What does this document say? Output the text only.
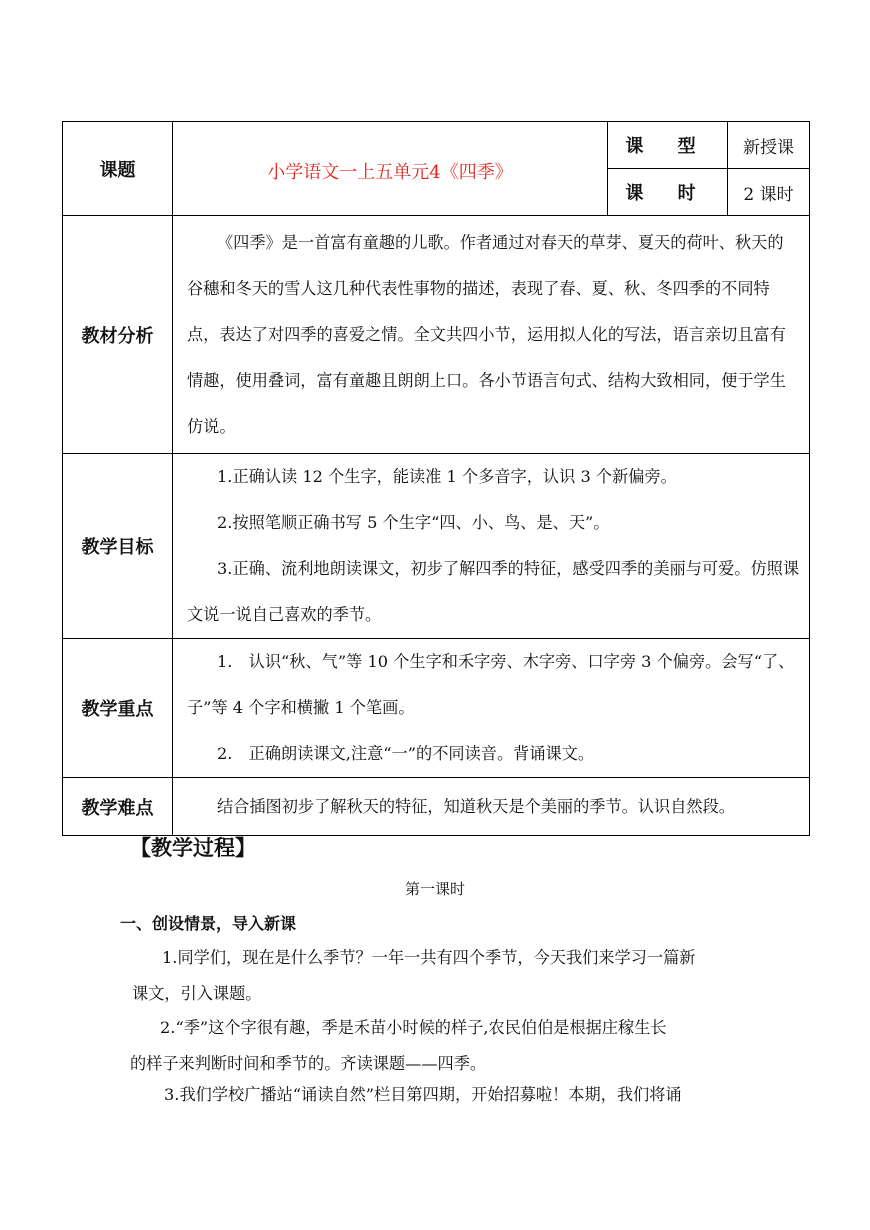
课题	小学语文一上五单元4《四季》	课 型	新授课
		课 时	2 课时
教材分析	《四季》是一首富有童趣的儿歌。作者通过对春天的草芽、夏天的荷叶、秋天的谷穗和冬天的雪人这几种代表性事物的描述，表现了春、夏、秋、冬四季的不同特点，表达了对四季的喜爱之情。全文共四小节，运用拟人化的写法，语言亲切且富有情趣，使用叠词，富有童趣且朗朗上口。各小节语言句式、结构大致相同，便于学生仿说。		

教学目标	1.正确认读 12 个生字，能读准 1 个多音字，认识 3 个新偏旁。

2.按照笔顺正确书写 5 个生字“四、小、鸟、是、天”。

3.正确、流利地朗读课文，初步了解四季的特征，感受四季的美丽与可爱。仿照课文说一说自己喜欢的季节。		

教学重点	1.　认识“秋、气”等 10 个生字和禾字旁、木字旁、口字旁 3 个偏旁。会写“了、子”等 4 个字和横撇 1 个笔画。

2.　正确朗读课文,注意“一”的不同读音。背诵课文。		

教学难点	结合插图初步了解秋天的特征，知道秋天是个美丽的季节。认识自然段。		
【教学过程】

第一课时

一、创设情景，导入新课

1.同学们，现在是什么季节？一年一共有四个季节，今天我们来学习一篇新
课文，引入课题。

2.“季”这个字很有趣，季是禾苗小时候的样子,农民伯伯是根据庄稼生长
的样子来判断时间和季节的。齐读课题——四季。

3.我们学校广播站“诵读自然”栏目第四期，开始招募啦！本期，我们将诵
